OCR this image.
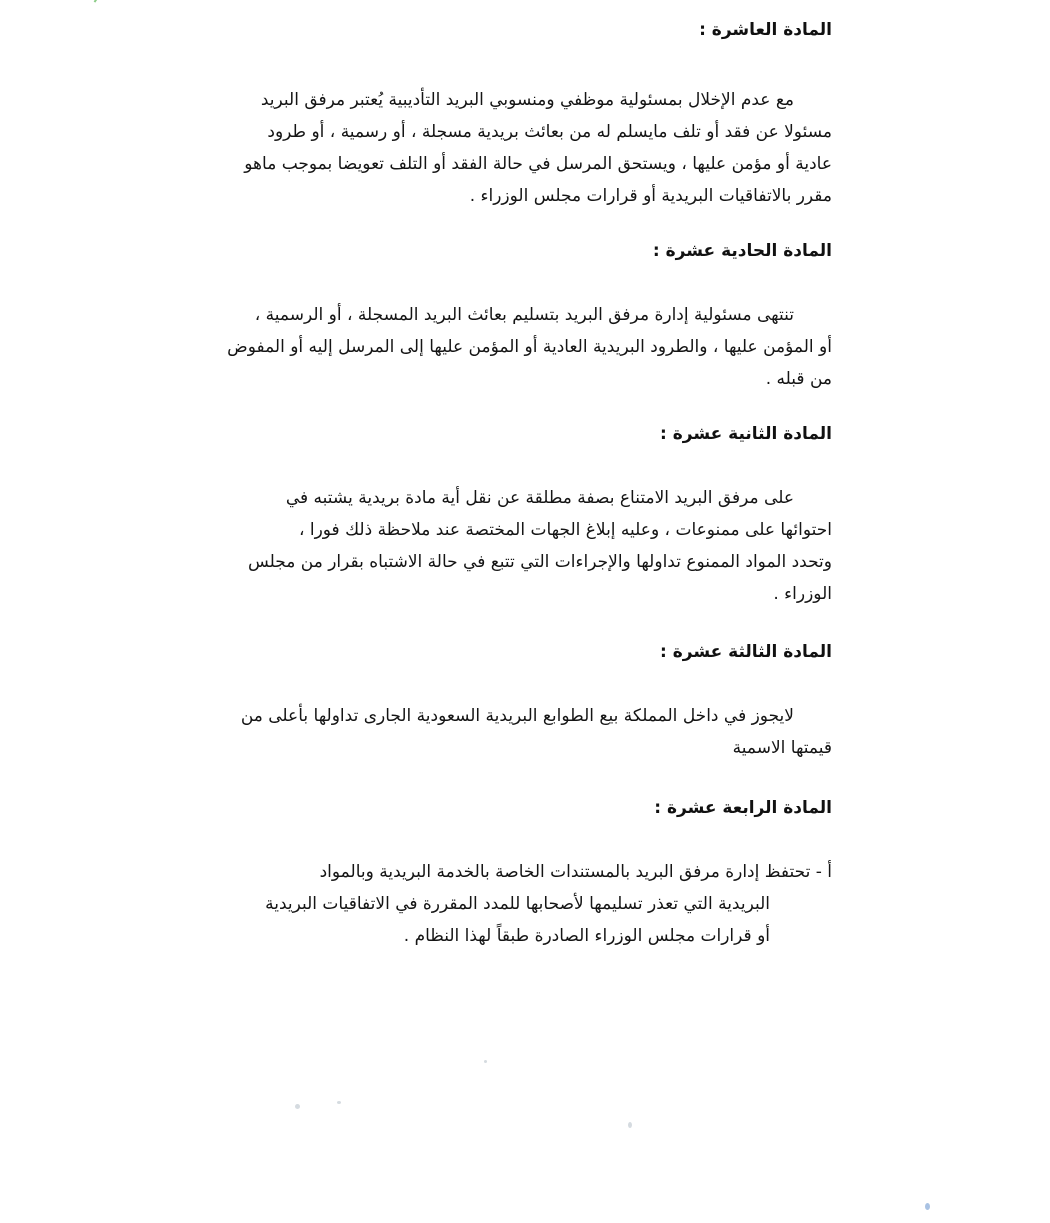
المادة العاشرة :
مع عدم الإخلال بمسئولية موظفي ومنسوبي البريد التأديبية يُعتبر مرفق البريد
مسئولا عن فقد أو تلف مايسلم له من بعائث بريدية مسجلة ، أو رسمية ، أو طرود
عادية أو مؤمن عليها ، ويستحق المرسل في حالة الفقد أو التلف تعويضا بموجب ماهو
مقرر بالاتفاقيات البريدية أو قرارات مجلس الوزراء .
المادة الحادية عشرة :
تنتهى مسئولية إدارة مرفق البريد بتسليم بعائث البريد المسجلة ، أو الرسمية ،
أو المؤمن عليها ، والطرود البريدية العادية أو المؤمن عليها إلى المرسل إليه أو المفوض
من قبله .
المادة الثانية عشرة :
على مرفق البريد الامتناع بصفة مطلقة عن نقل أية مادة بريدية يشتبه في
احتوائها على ممنوعات ، وعليه إبلاغ الجهات المختصة عند ملاحظة ذلك فورا ،
وتحدد المواد الممنوع تداولها والإجراءات التي تتبع في حالة الاشتباه بقرار من مجلس
الوزراء .
المادة الثالثة عشرة :
لايجوز في داخل المملكة بيع الطوابع البريدية السعودية الجارى تداولها بأعلى من
قيمتها الاسمية
المادة الرابعة عشرة :
أ - تحتفظ إدارة مرفق البريد بالمستندات الخاصة بالخدمة البريدية وبالمواد
البريدية التي تعذر تسليمها لأصحابها للمدد المقررة في الاتفاقيات البريدية
أو قرارات مجلس الوزراء الصادرة طبقاً لهذا النظام .
